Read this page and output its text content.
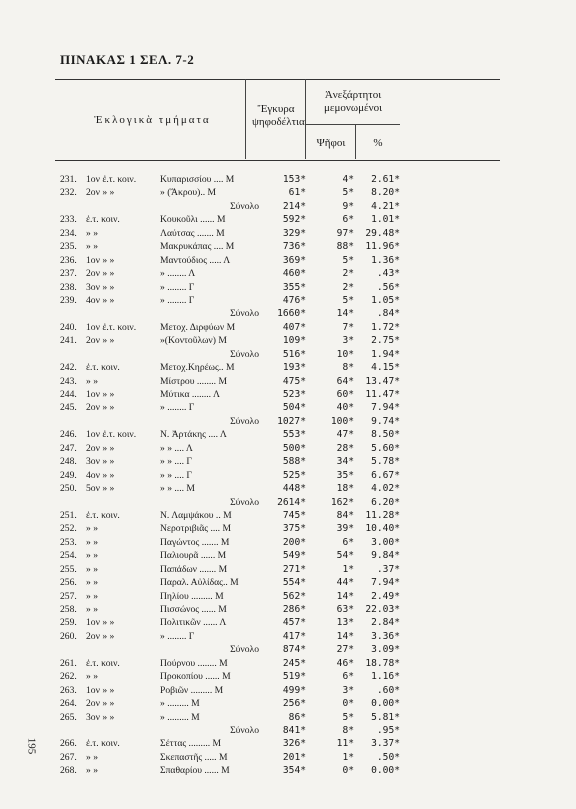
ΠΙΝΑΚΑΣ 1 ΣΕΛ. 7-2
Ἐκλογικὰ τμήματα
Ἔγκυρα ψηφοδέλτια
Ἀνεξάρτητοι μεμονωμένοι
Ψῆφοι	%
231. 1ον ἐ.τ. κοιν. Κυπαρισσίου .... Μ	153*	4*	2.61*
232. 2ον » »	» (Ἄκρου).. Μ	61*	5*	8.20*
Σύνολο	214*	9*	4.21*
233. ἐ.τ. κοιν.	Κουκοῦλι ...... Μ	592*	6*	1.01*
234. » »	Λαύτσας ....... Μ	329*	97*	29.48*
235. » »	Μακρυκάπας .... Μ	736*	88*	11.96*
236. 1ον » »	Μαντούδιος ..... Λ	369*	5*	1.36*
237. 2ον » »	» ........ Λ	460*	2*	.43*
238. 3ον » »	» ........ Γ	355*	2*	.56*
239. 4ον » »	» ........ Γ	476*	5*	1.05*
Σύνολο	1660*	14*	.84*
240. 1ον ἐ.τ. κοιν. Μετοχ. Διρφύων Μ	407*	7*	1.72*
241. 2ον » »	»(Κοντοῦλων) Μ	109*	3*	2.75*
Σύνολο	516*	10*	1.94*
242. ἐ.τ. κοιν.	Μετοχ.Κηρέως.. Μ	193*	8*	4.15*
243. » »	Μίστρου ........ Μ	475*	64*	13.47*
244. 1ον » »	Μύτικα ........ Λ	523*	60*	11.47*
245. 2ον » »	» ........ Γ	504*	40*	7.94*
Σύνολο	1027*	100*	9.74*
246. 1ον ἐ.τ. κοιν. Ν. Ἀρτάκης .... Λ	553*	47*	8.50*
247. 2ον » »	» » .... Λ	500*	28*	5.60*
248. 3ον » »	» » .... Γ	588*	34*	5.78*
249. 4ον » »	» » .... Γ	525*	35*	6.67*
250. 5ον » »	» » .... Μ	448*	18*	4.02*
Σύνολο	2614*	162*	6.20*
251. ἐ.τ. κοιν.	Ν. Λαμψάκου .. Μ	745*	84*	11.28*
252. » »	Νεροτριβιᾶς .... Μ	375*	39*	10.40*
253. » »	Παγώντος ....... Μ	200*	6*	3.00*
254. » »	Παλιουρᾶ ...... Μ	549*	54*	9.84*
255. » »	Παπάδων ....... Μ	271*	1*	.37*
256. » »	Παραλ. Αὐλίδας.. Μ	554*	44*	7.94*
257. » »	Πηλίου ......... Μ	562*	14*	2.49*
258. » »	Πισσώνος ...... Μ	286*	63*	22.03*
259. 1ον » »	Πολιτικῶν ...... Λ	457*	13*	2.84*
260. 2ον » »	» ........ Γ	417*	14*	3.36*
Σύνολο	874*	27*	3.09*
261. ἐ.τ. κοιν.	Πούρνου ........ Μ	245*	46*	18.78*
262. » »	Προκοπίου ...... Μ	519*	6*	1.16*
263. 1ον » »	Ροβιῶν ......... Μ	499*	3*	.60*
264. 2ον » »	» ......... Μ	256*	0*	0.00*
265. 3ον » »	» ......... Μ	86*	5*	5.81*
Σύνολο	841*	8*	.95*
266. ἐ.τ. κοιν.	Σέττας ......... Μ	326*	11*	3.37*
267. » »	Σκεπαστῆς ..... Μ	201*	1*	.50*
268. » »	Σπαθαρίου ...... Μ	354*	0*	0.00*
195
